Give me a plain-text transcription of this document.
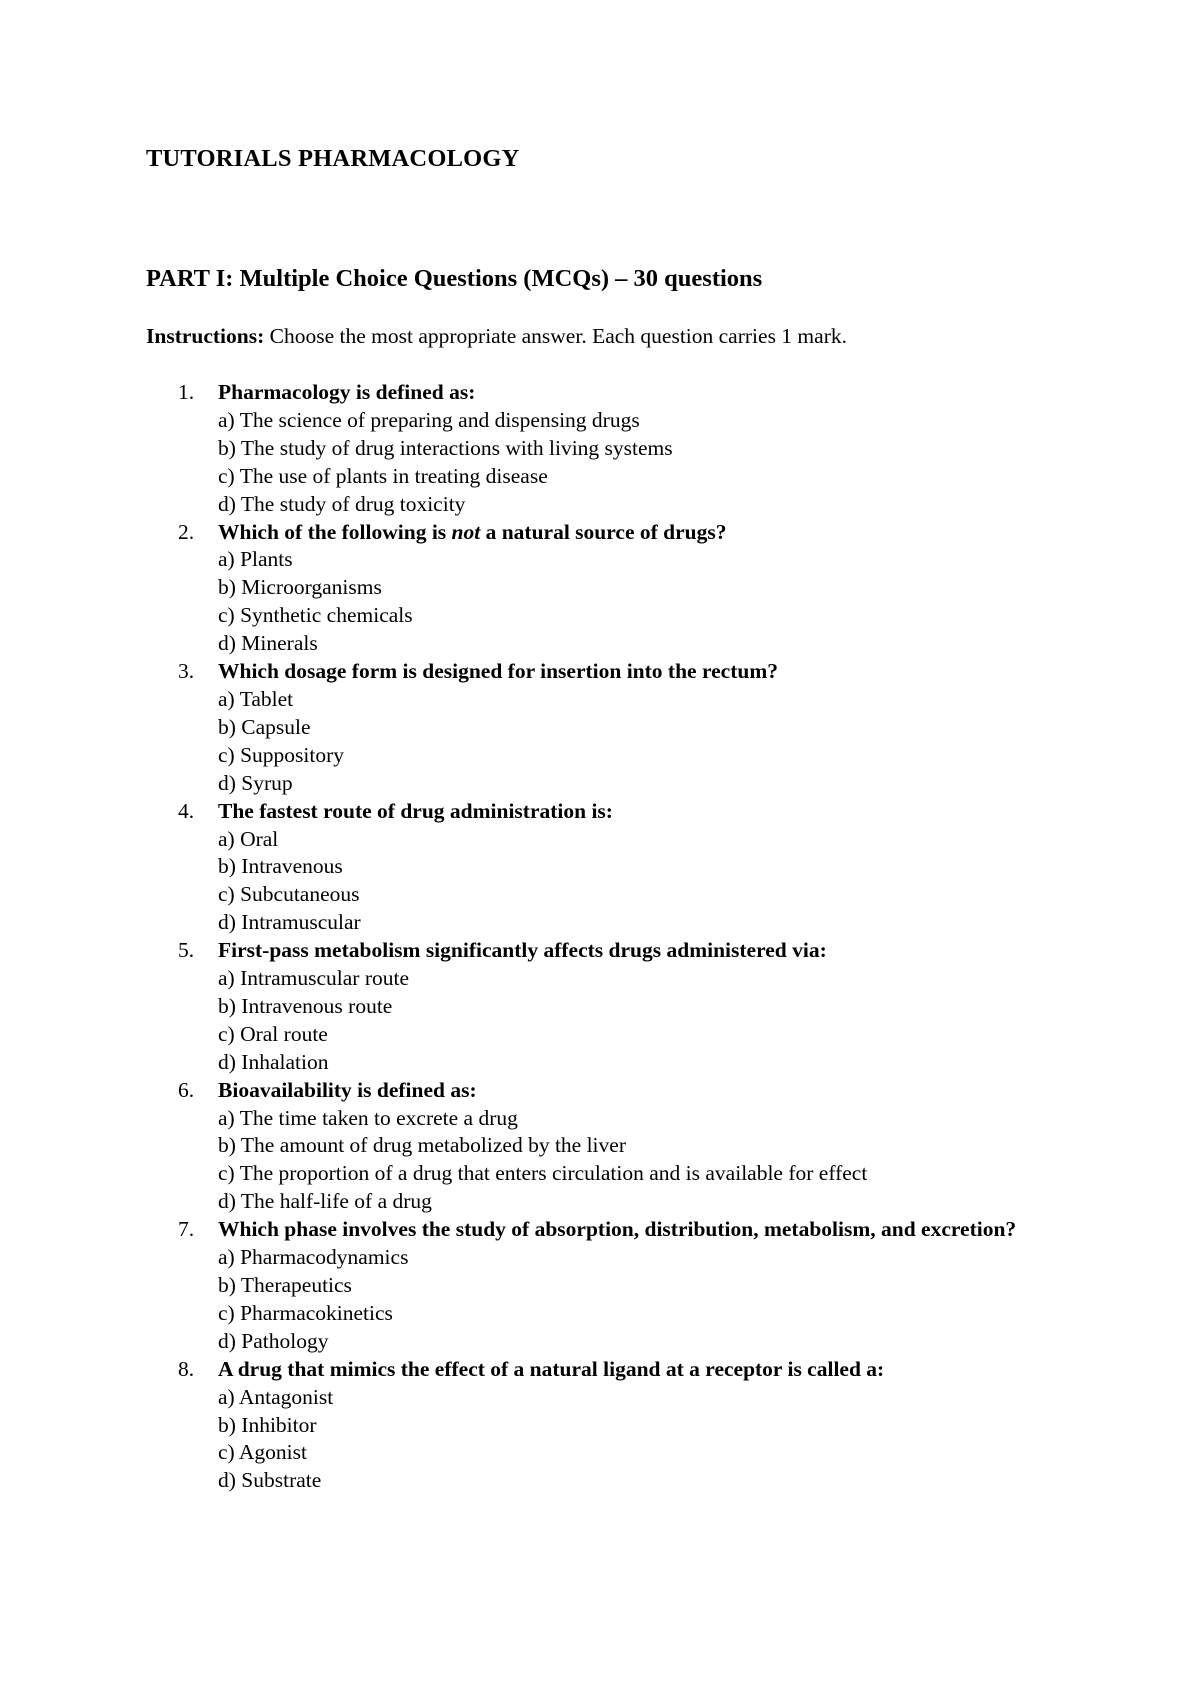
TUTORIALS PHARMACOLOGY
PART I: Multiple Choice Questions (MCQs) – 30 questions

Instructions: Choose the most appropriate answer. Each question carries 1 mark.

1. Pharmacology is defined as:
a) The science of preparing and dispensing drugs
b) The study of drug interactions with living systems
c) The use of plants in treating disease
d) The study of drug toxicity
2. Which of the following is not a natural source of drugs?
a) Plants
b) Microorganisms
c) Synthetic chemicals
d) Minerals
3. Which dosage form is designed for insertion into the rectum?
a) Tablet
b) Capsule
c) Suppository
d) Syrup
4. The fastest route of drug administration is:
a) Oral
b) Intravenous
c) Subcutaneous
d) Intramuscular
5. First-pass metabolism significantly affects drugs administered via:
a) Intramuscular route
b) Intravenous route
c) Oral route
d) Inhalation
6. Bioavailability is defined as:
a) The time taken to excrete a drug
b) The amount of drug metabolized by the liver
c) The proportion of a drug that enters circulation and is available for effect
d) The half-life of a drug
7. Which phase involves the study of absorption, distribution, metabolism, and excretion?
a) Pharmacodynamics
b) Therapeutics
c) Pharmacokinetics
d) Pathology
8. A drug that mimics the effect of a natural ligand at a receptor is called a:
a) Antagonist
b) Inhibitor
c) Agonist
d) Substrate
